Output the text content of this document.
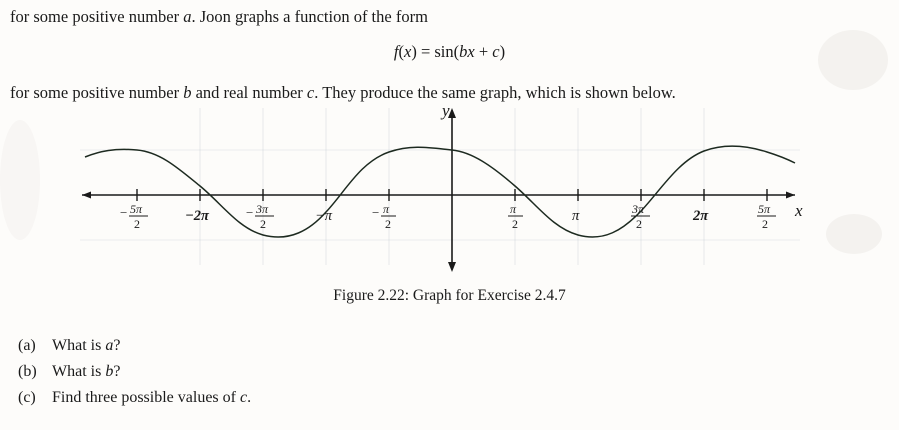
for some positive number a. Joon graphs a function of the form
f(x) = sin(bx + c)
for some positive number b and real number c. They produce the same graph, which is shown below.
y
x
− 5π
2	−2π	− 3π
2	−π	− π
2
π
2	π	3π
2	2π	5π
2
Figure 2.22: Graph for Exercise 2.4.7
(a)	What is a?
(b) What is b?
(c)	Find three possible values of c.
